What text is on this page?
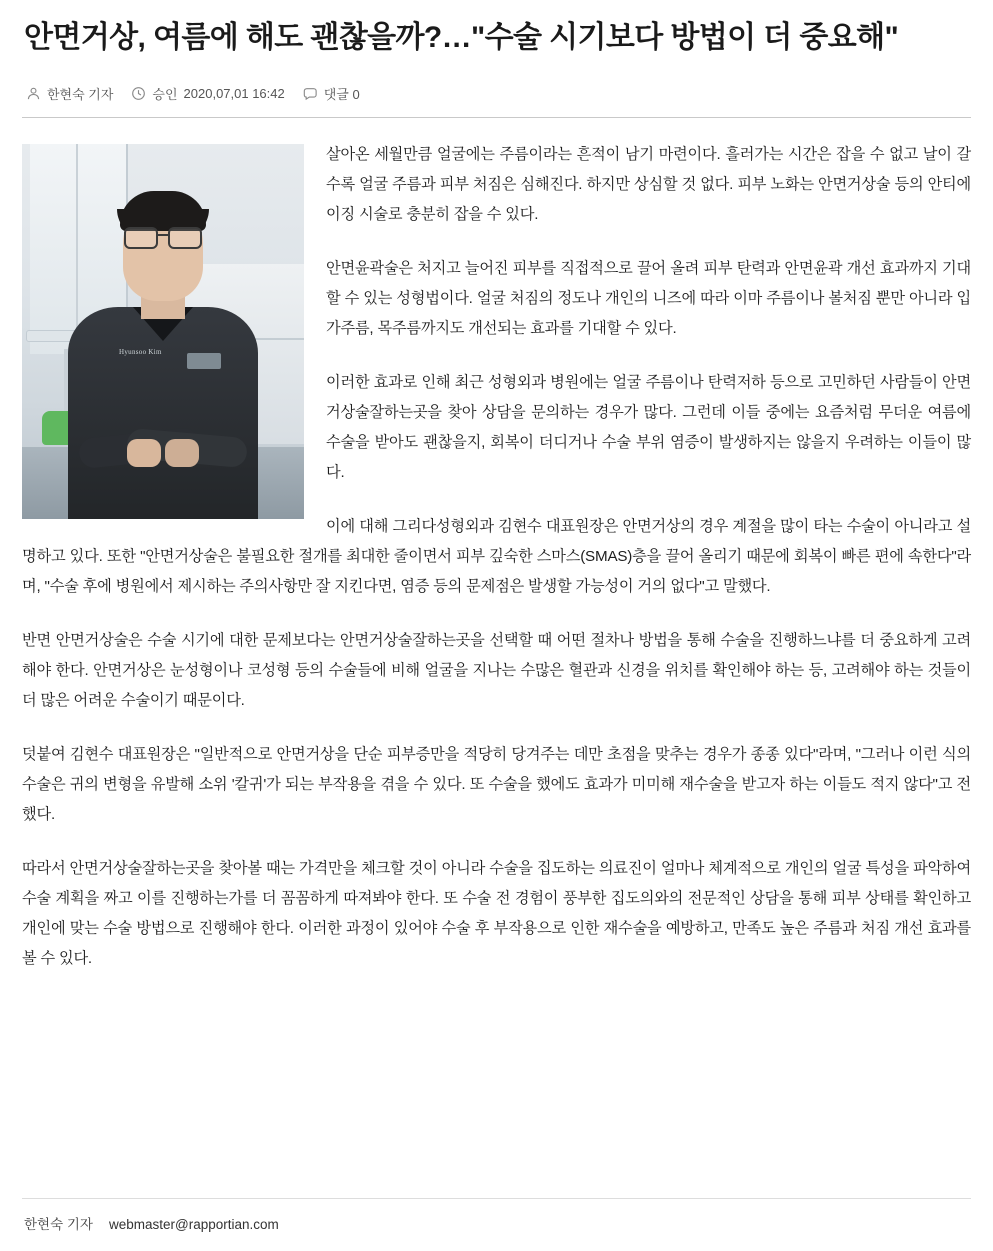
안면거상, 여름에 해도 괜찮을까?…"수술 시기보다 방법이 더 중요해"
한현숙 기자	승인 2020,07,01 16:42	댓글 0
Hyunsoo Kim

살아온 세월만큼 얼굴에는 주름이라는 흔적이 남기 마련이다. 흘러가는 시간은 잡을 수 없고 날이 갈수록 얼굴 주름과 피부 처짐은 심해진다. 하지만 상심할 것 없다. 피부 노화는 안면거상술 등의 안티에이징 시술로 충분히 잡을 수 있다.

안면윤곽술은 처지고 늘어진 피부를 직접적으로 끌어 올려 피부 탄력과 안면윤곽 개선 효과까지 기대할 수 있는 성형법이다. 얼굴 처짐의 정도나 개인의 니즈에 따라 이마 주름이나 볼처짐 뿐만 아니라 입가주름, 목주름까지도 개선되는 효과를 기대할 수 있다.

이러한 효과로 인해 최근 성형외과 병원에는 얼굴 주름이나 탄력저하 등으로 고민하던 사람들이 안면거상술잘하는곳을 찾아 상담을 문의하는 경우가 많다. 그런데 이들 중에는 요즘처럼 무더운 여름에 수술을 받아도 괜찮을지, 회복이 더디거나 수술 부위 염증이 발생하지는 않을지 우려하는 이들이 많다.

이에 대해 그리다성형외과 김현수 대표원장은 안면거상의 경우 계절을 많이 타는 수술이 아니라고 설명하고 있다. 또한 "안면거상술은 불필요한 절개를 최대한 줄이면서 피부 깊숙한 스마스(SMAS)층을 끌어 올리기 때문에 회복이 빠른 편에 속한다"라며, "수술 후에 병원에서 제시하는 주의사항만 잘 지킨다면, 염증 등의 문제점은 발생할 가능성이 거의 없다"고 말했다.

반면 안면거상술은 수술 시기에 대한 문제보다는 안면거상술잘하는곳을 선택할 때 어떤 절차나 방법을 통해 수술을 진행하느냐를 더 중요하게 고려해야 한다. 안면거상은 눈성형이나 코성형 등의 수술들에 비해 얼굴을 지나는 수많은 혈관과 신경을 위치를 확인해야 하는 등, 고려해야 하는 것들이 더 많은 어려운 수술이기 때문이다.

덧붙여 김현수 대표원장은 "일반적으로 안면거상을 단순 피부증만을 적당히 당겨주는 데만 초점을 맞추는 경우가 종종 있다"라며, "그러나 이런 식의 수술은 귀의 변형을 유발해 소위 '칼귀'가 되는 부작용을 겪을 수 있다. 또 수술을 했에도 효과가 미미해 재수술을 받고자 하는 이들도 적지 않다"고 전했다.

따라서 안면거상술잘하는곳을 찾아볼 때는 가격만을 체크할 것이 아니라 수술을 집도하는 의료진이 얼마나 체계적으로 개인의 얼굴 특성을 파악하여 수술 계획을 짜고 이를 진행하는가를 더 꼼꼼하게 따져봐야 한다. 또 수술 전 경험이 풍부한 집도의와의 전문적인 상담을 통해 피부 상태를 확인하고 개인에 맞는 수술 방법으로 진행해야 한다. 이러한 과정이 있어야 수술 후 부작용으로 인한 재수술을 예방하고, 만족도 높은 주름과 처짐 개선 효과를 볼 수 있다.

한현숙 기자 webmaster@rapportian.com
